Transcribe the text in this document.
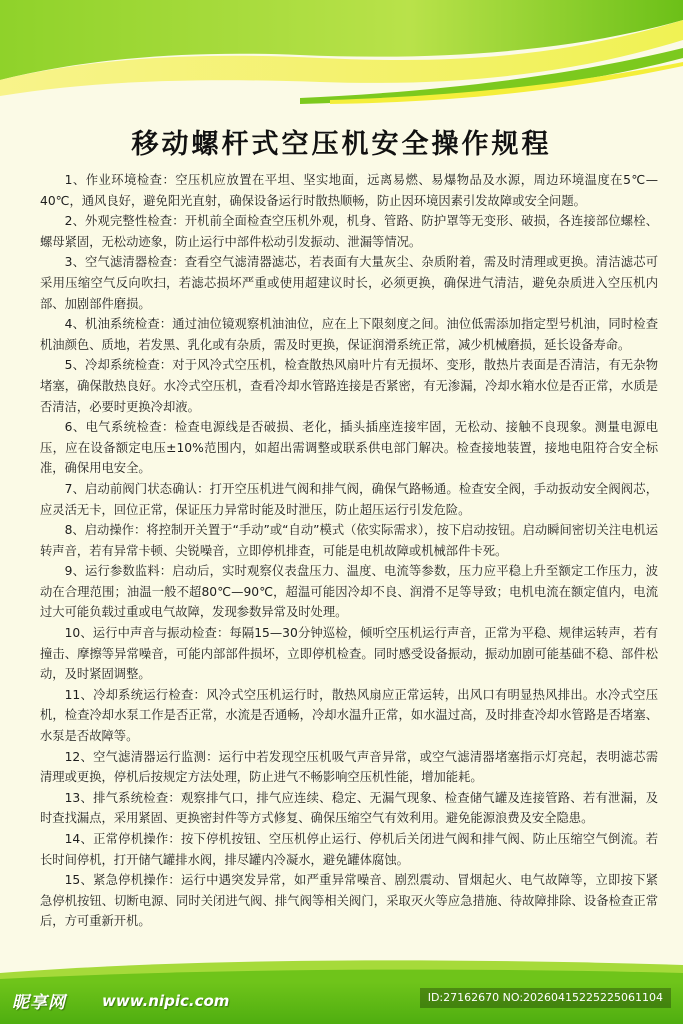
移动螺杆式空压机安全操作规程

1、作业环境检查：空压机应放置在平坦、坚实地面，远离易燃、易爆物品及水源，周边环境温度在5℃—40℃，通风良好，避免阳光直射，确保设备运行时散热顺畅，防止因环境因素引发故障或安全问题。

2、外观完整性检查：开机前全面检查空压机外观，机身、管路、防护罩等无变形、破损，各连接部位螺栓、螺母紧固，无松动迹象，防止运行中部件松动引发振动、泄漏等情况。

3、空气滤清器检查：查看空气滤清器滤芯，若表面有大量灰尘、杂质附着，需及时清理或更换。清洁滤芯可采用压缩空气反向吹扫，若滤芯损坏严重或使用超建议时长，必须更换，确保进气清洁，避免杂质进入空压机内部、加剧部件磨损。

4、机油系统检查：通过油位镜观察机油油位，应在上下限刻度之间。油位低需添加指定型号机油，同时检查机油颜色、质地，若发黑、乳化或有杂质，需及时更换，保证润滑系统正常，减少机械磨损，延长设备寿命。

5、冷却系统检查：对于风冷式空压机，检查散热风扇叶片有无损坏、变形，散热片表面是否清洁，有无杂物堵塞，确保散热良好。水冷式空压机，查看冷却水管路连接是否紧密，有无渗漏，冷却水箱水位是否正常，水质是否清洁，必要时更换冷却液。

6、电气系统检查：检查电源线是否破损、老化，插头插座连接牢固，无松动、接触不良现象。测量电源电压，应在设备额定电压±10%范围内，如超出需调整或联系供电部门解决。检查接地装置，接地电阻符合安全标准，确保用电安全。

7、启动前阀门状态确认：打开空压机进气阀和排气阀，确保气路畅通。检查安全阀，手动扳动安全阀阀芯，应灵活无卡，回位正常，保证压力异常时能及时泄压，防止超压运行引发危险。

8、启动操作：将控制开关置于“手动”或“自动”模式（依实际需求），按下启动按钮。启动瞬间密切关注电机运转声音，若有异常卡顿、尖锐噪音，立即停机排查，可能是电机故障或机械部件卡死。

9、运行参数监料：启动后，实时观察仪表盘压力、温度、电流等参数，压力应平稳上升至额定工作压力，波动在合理范围；油温一般不超80℃—90℃，超温可能因冷却不良、润滑不足等导致；电机电流在额定值内，电流过大可能负载过重或电气故障，发现参数异常及时处理。

10、运行中声音与振动检查：每隔15—30分钟巡检，倾听空压机运行声音，正常为平稳、规律运转声，若有撞击、摩擦等异常噪音，可能内部部件损坏，立即停机检查。同时感受设备振动，振动加剧可能基础不稳、部件松动，及时紧固调整。

11、冷却系统运行检查：风冷式空压机运行时，散热风扇应正常运转，出风口有明显热风排出。水冷式空压机，检查冷却水泵工作是否正常，水流是否通畅，冷却水温升正常，如水温过高，及时排查冷却水管路是否堵塞、水泵是否故障等。

12、空气滤清器运行监测：运行中若发现空压机吸气声音异常，或空气滤清器堵塞指示灯亮起，表明滤芯需清理或更换，停机后按规定方法处理，防止进气不畅影响空压机性能，增加能耗。

13、排气系统检查：观察排气口，排气应连续、稳定、无漏气现象、检查储气罐及连接管路、若有泄漏，及时查找漏点，采用紧固、更换密封件等方式修复、确保压缩空气有效利用。避免能源浪费及安全隐患。

14、正常停机操作：按下停机按钮、空压机停止运行、停机后关闭进气阀和排气阀、防止压缩空气倒流。若长时间停机，打开储气罐排水阀，排尽罐内冷凝水，避免罐体腐蚀。

15、紧急停机操作：运行中遇突发异常，如严重异常噪音、剧烈震动、冒烟起火、电气故障等，立即按下紧急停机按钮、切断电源、同时关闭进气阀、排气阀等相关阀门，采取灭火等应急措施、待故障排除、设备检查正常后，方可重新开机。

昵享网 www.nipic.com	ID:27162670 NO:20260415225225061104
